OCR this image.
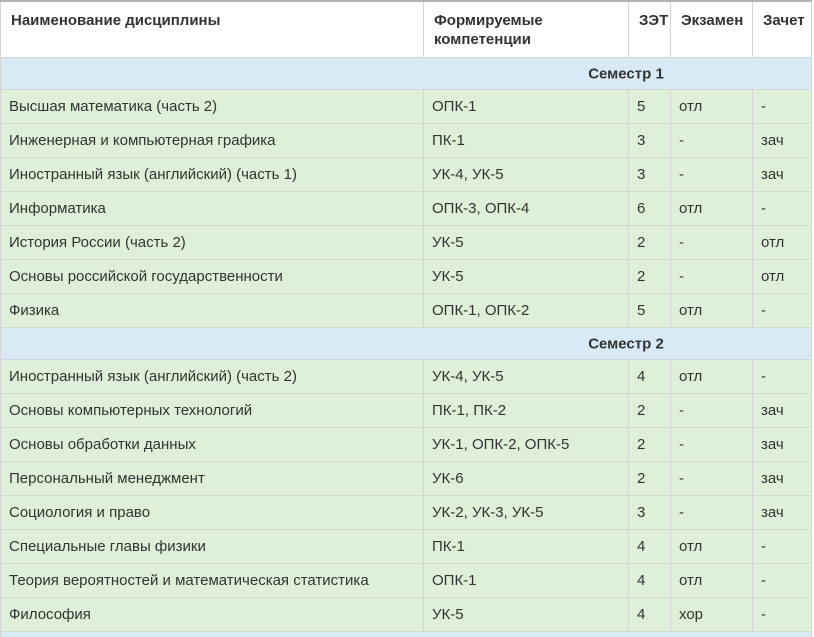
Наименование дисциплины	Формируемые компетенции	ЗЭТ	Экзамен	Зачет

Семестр 1				

Высшая математика (часть 2)	ОПК-1	5	отл	-
Инженерная и компьютерная графика	ПК-1	3	-	зач
Иностранный язык (английский) (часть 1)	УК-4, УК-5	3	-	зач
Информатика	ОПК-3, ОПК-4	6	отл	-
История России (часть 2)	УК-5	2	-	отл
Основы российской государственности	УК-5	2	-	отл
Физика	ОПК-1, ОПК-2	5	отл	-

Семестр 2				

Иностранный язык (английский) (часть 2)	УК-4, УК-5	4	отл	-
Основы компьютерных технологий	ПК-1, ПК-2	2	-	зач
Основы обработки данных	УК-1, ОПК-2, ОПК-5	2	-	зач
Персональный менеджмент	УК-6	2	-	зач
Социология и право	УК-2, УК-3, УК-5	3	-	зач
Специальные главы физики	ПК-1	4	отл	-
Теория вероятностей и математическая статистика	ОПК-1	4	отл	-
Философия	УК-5	4	хор	-
